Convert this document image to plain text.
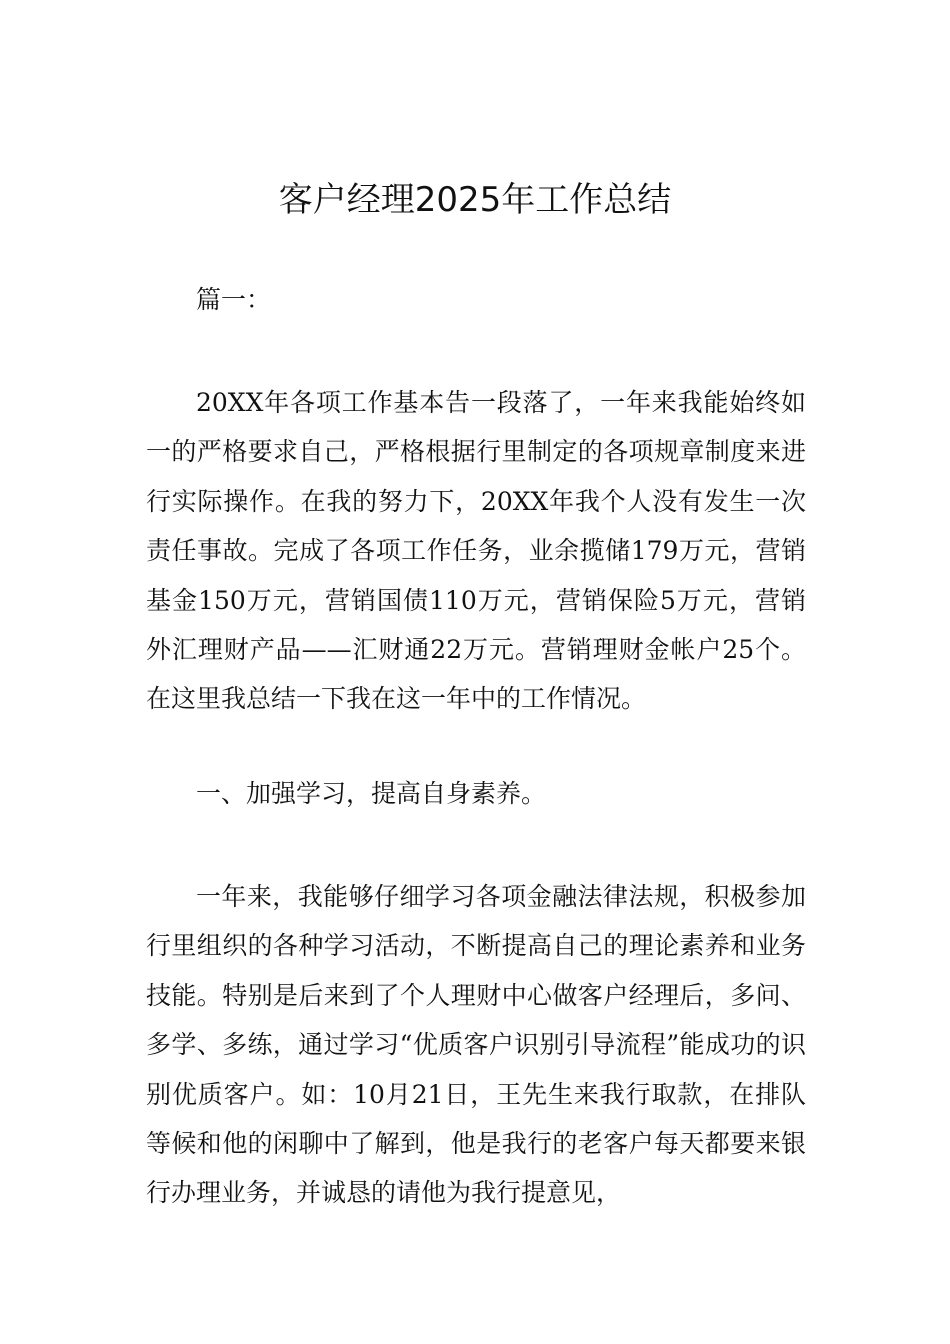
客户经理2025年工作总结
篇一：
20XX年各项工作基本告一段落了，一年来我能始终如一的严格要求自己，严格根据行里制定的各项规章制度来进行实际操作。在我的努力下，20XX年我个人没有发生一次责任事故。完成了各项工作任务，业余揽储179万元，营销基金150万元，营销国债110万元，营销保险5万元，营销外汇理财产品——汇财通22万元。营销理财金帐户25个。在这里我总结一下我在这一年中的工作情况。
一、加强学习，提高自身素养。
一年来，我能够仔细学习各项金融法律法规，积极参加行里组织的各种学习活动，不断提高自己的理论素养和业务技能。特别是后来到了个人理财中心做客户经理后，多问、多学、多练，通过学习“优质客户识别引导流程”能成功的识别优质客户。如：10月21日，王先生来我行取款，在排队等候和他的闲聊中了解到，他是我行的老客户每天都要来银行办理业务，并诚恳的请他为我行提意见，
